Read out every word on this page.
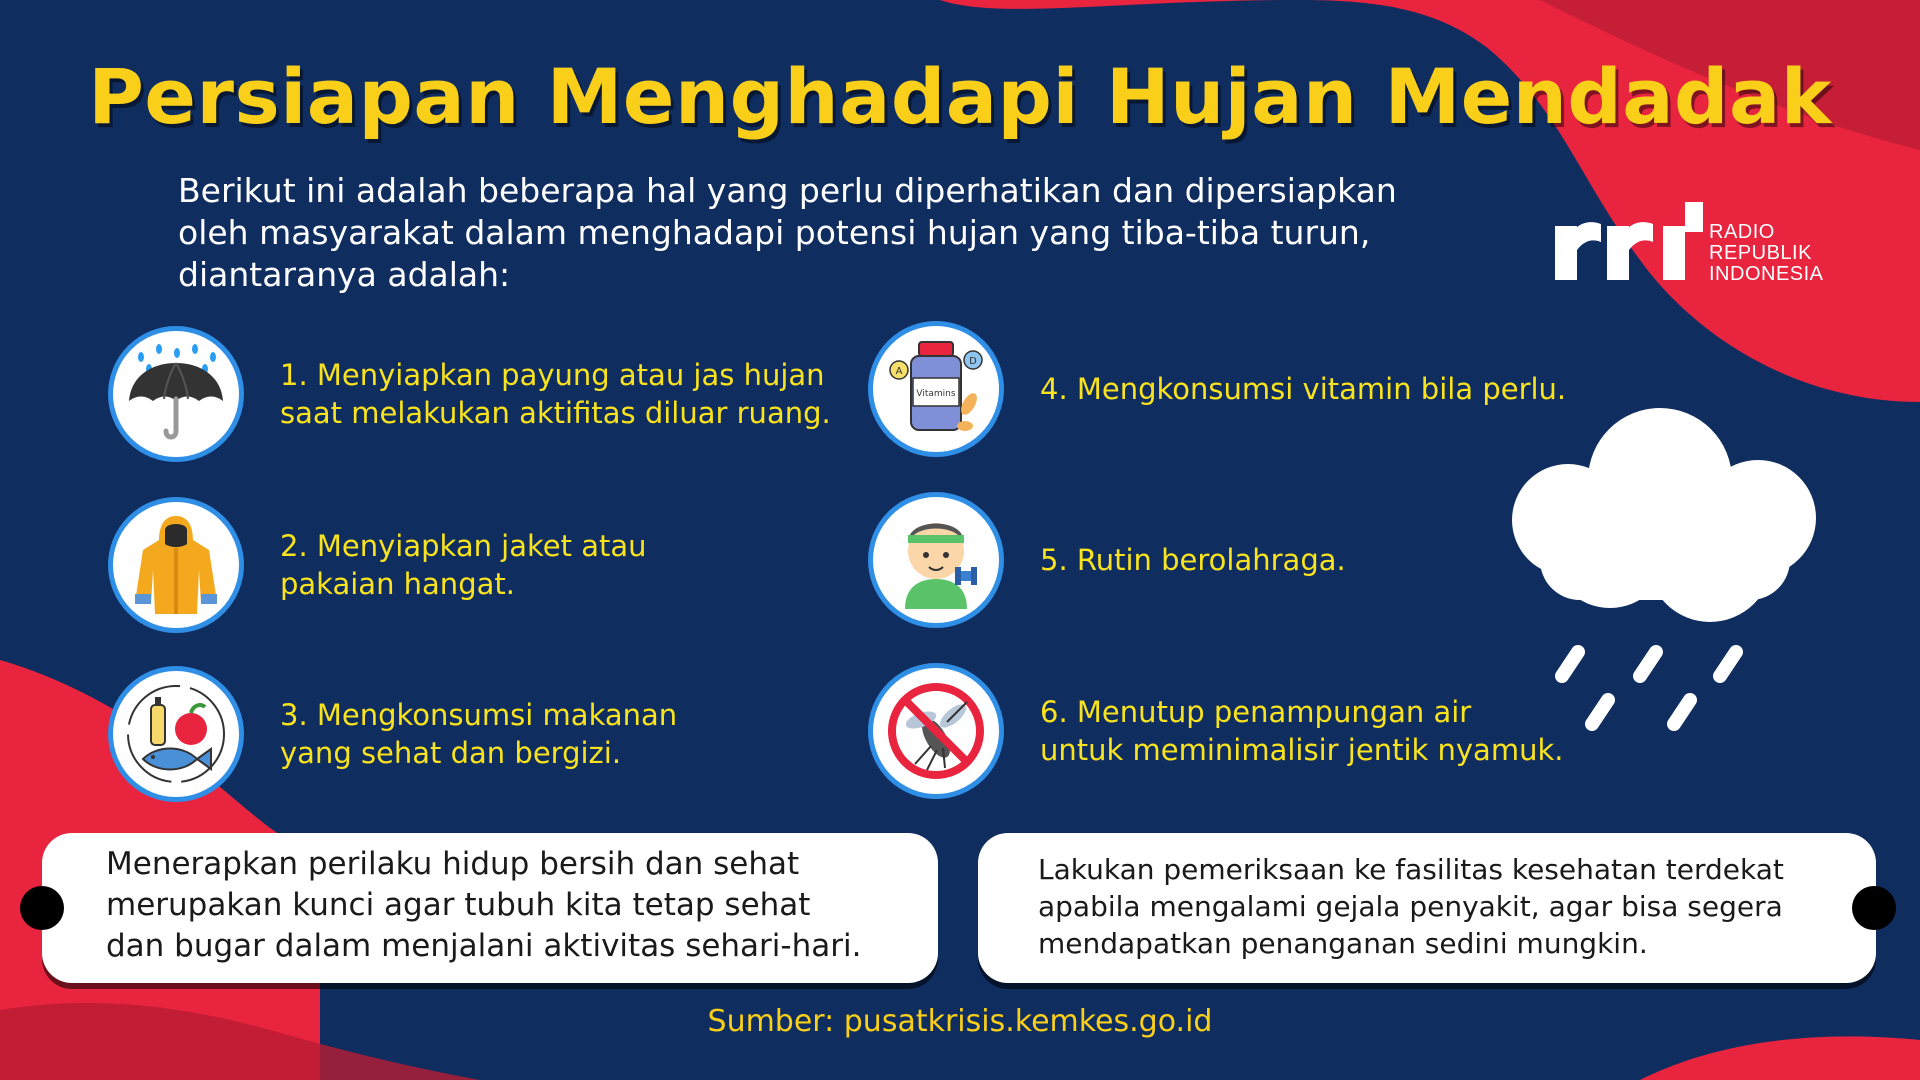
Persiapan Menghadapi Hujan Mendadak
Berikut ini adalah beberapa hal yang perlu diperhatikan dan dipersiapkan
oleh masyarakat dalam menghadapi potensi hujan yang tiba-tiba turun,
diantaranya adalah:
RADIO
REPUBLIK
INDONESIA
1. Menyiapkan payung atau jas hujan
saat melakukan aktifitas diluar ruang.
2. Menyiapkan jaket atau
pakaian hangat.
3. Mengkonsumsi makanan
yang sehat dan bergizi.
Vitamins
A
D
4. Mengkonsumsi vitamin bila perlu.
5. Rutin berolahraga.
6. Menutup penampungan air
untuk meminimalisir jentik nyamuk.

Menerapkan perilaku hidup bersih dan sehat
merupakan kunci agar tubuh kita tetap sehat
dan bugar dalam menjalani aktivitas sehari-hari.

Lakukan pemeriksaan ke fasilitas kesehatan terdekat
apabila mengalami gejala penyakit, agar bisa segera
mendapatkan penanganan sedini mungkin.

Sumber: pusatkrisis.kemkes.go.id
